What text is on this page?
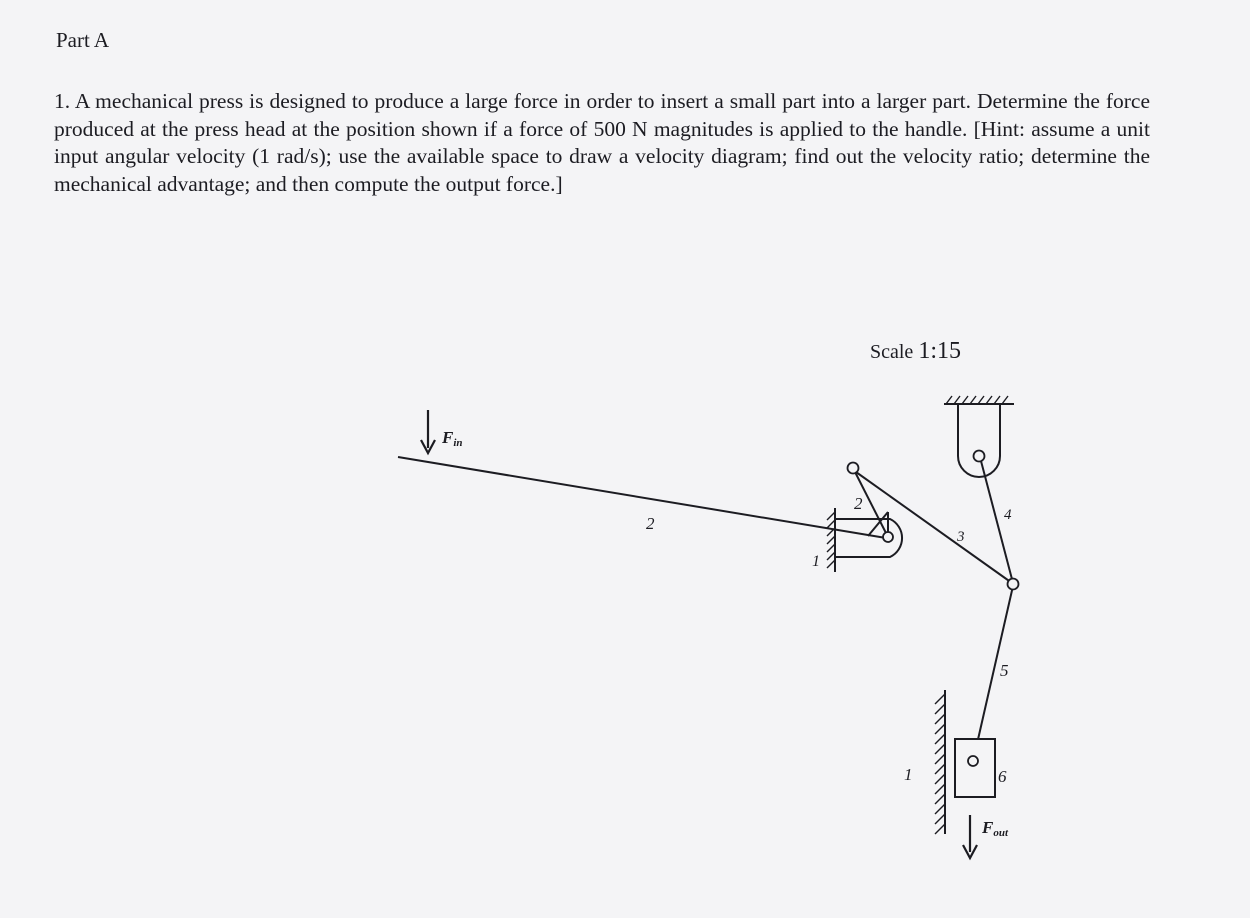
Part A
1. A mechanical press is designed to produce a large force in order to insert a small part into a larger part. Determine the force produced at the press head at the position shown if a force of 500 N magnitudes is applied to the handle. [Hint: assume a unit input angular velocity (1 rad/s); use the available space to draw a velocity diagram; find out the velocity ratio; determine the mechanical advantage; and then compute the output force.]
Scale 1:15
Fin
2
1
2
3
4
5
1	6
Fout
